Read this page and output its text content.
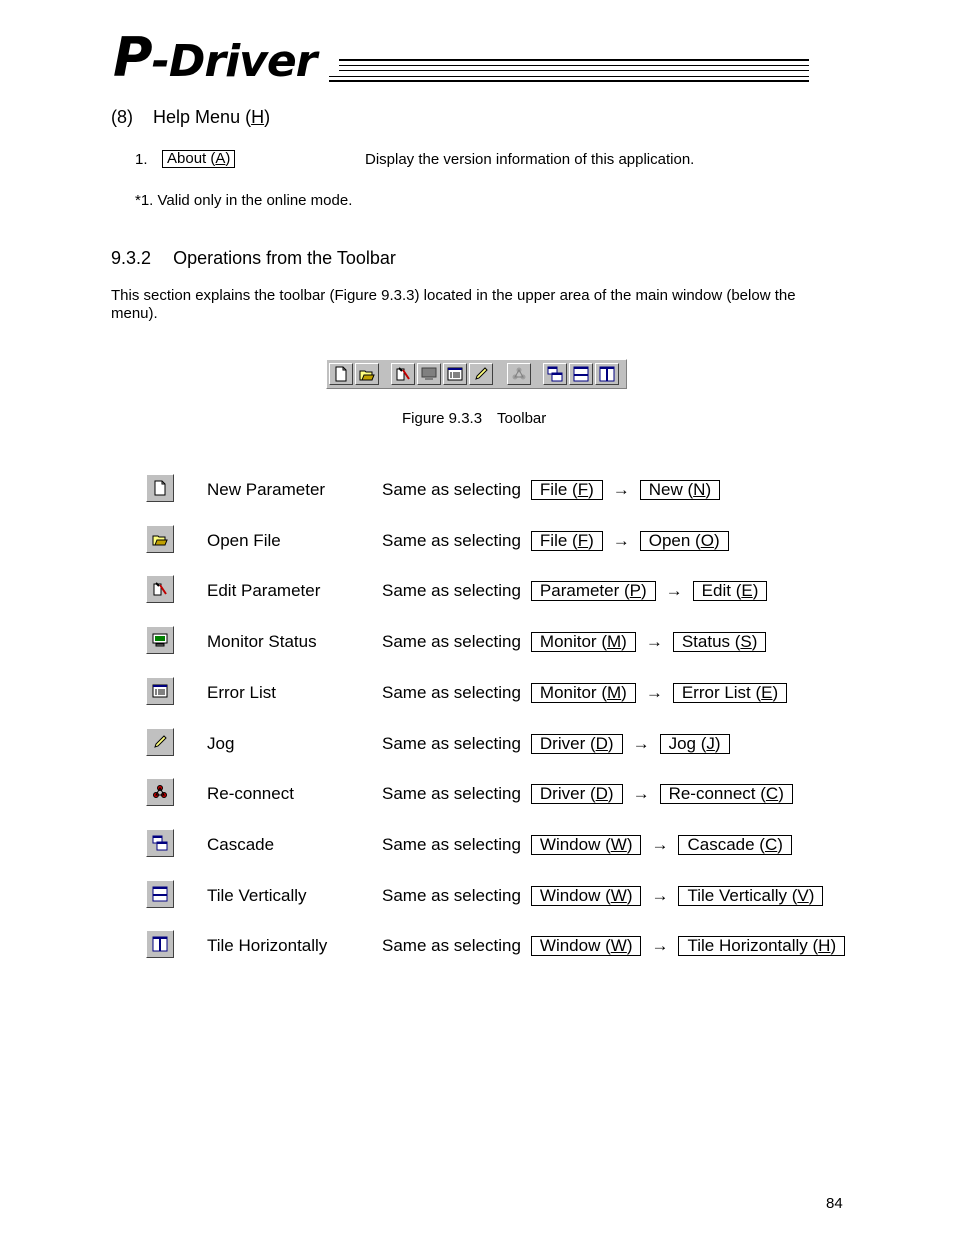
P-Driver
(8) Help Menu (H)
1.	About (A)	Display the version information of this application.
*1. Valid only in the online mode.
9.3.2 Operations from the Toolbar
This section explains the toolbar (Figure 9.3.3) located in the upper area of the main window (below the
menu).
Figure 9.3.3　Toolbar
New Parameter	Same as selecting File (F) → New (N)
Open File	Same as selecting File (F) → Open (O)
Edit Parameter	Same as selecting Parameter (P) → Edit (E)
Monitor Status	Same as selecting Monitor (M) → Status (S)
Error List	Same as selecting Monitor (M) → Error List (E)
Jog	Same as selecting Driver (D) → Jog (J)
Re-connect	Same as selecting Driver (D) → Re-connect (C)
Cascade	Same as selecting Window (W) → Cascade (C)
Tile Vertically	Same as selecting Window (W) → Tile Vertically (V)
Tile Horizontally	Same as selecting Window (W) → Tile Horizontally (H)
84
